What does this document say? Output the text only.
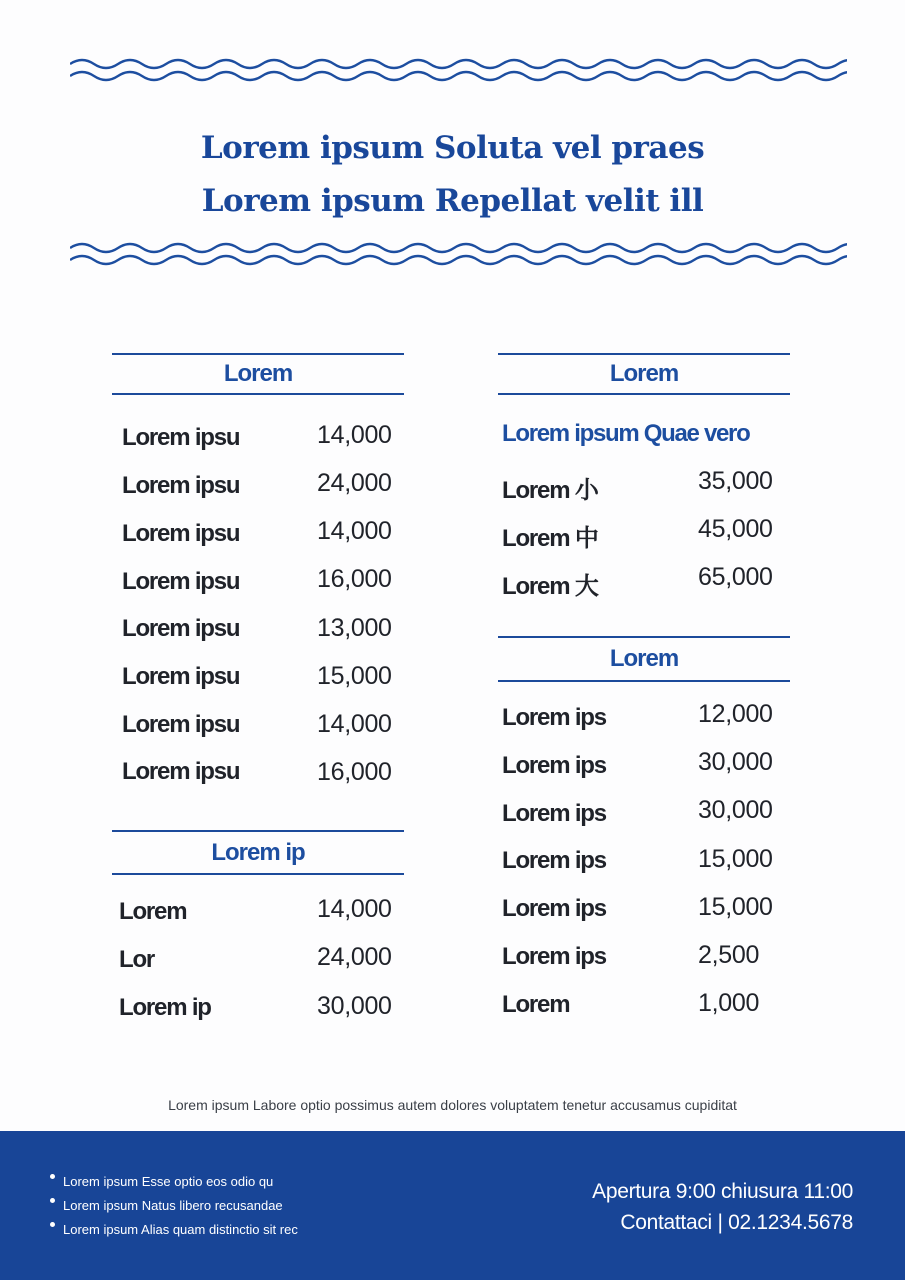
Lorem ipsum Soluta vel praes
Lorem ipsum Repellat velit ill
Lorem
Lorem ipsu	14,000
Lorem ipsu	24,000
Lorem ipsu	14,000
Lorem ipsu	16,000
Lorem ipsu	13,000
Lorem ipsu	15,000
Lorem ipsu	14,000
Lorem ipsu	16,000
Lorem ip
Lorem	14,000
Lor	24,000
Lorem ip	30,000
Lorem
Lorem ipsum Quae vero
Lorem 小	35,000
Lorem 中	45,000
Lorem 大	65,000
Lorem
Lorem ips	12,000
Lorem ips	30,000
Lorem ips	30,000
Lorem ips	15,000
Lorem ips	15,000
Lorem ips	2,500
Lorem	1,000
Lorem ipsum Labore optio possimus autem dolores voluptatem tenetur accusamus cupiditat
Lorem ipsum Esse optio eos odio qu
Lorem ipsum Natus libero recusandae
Lorem ipsum Alias quam distinctio sit rec
Apertura 9:00 chiusura 11:00
Contattaci | 02.1234.5678
